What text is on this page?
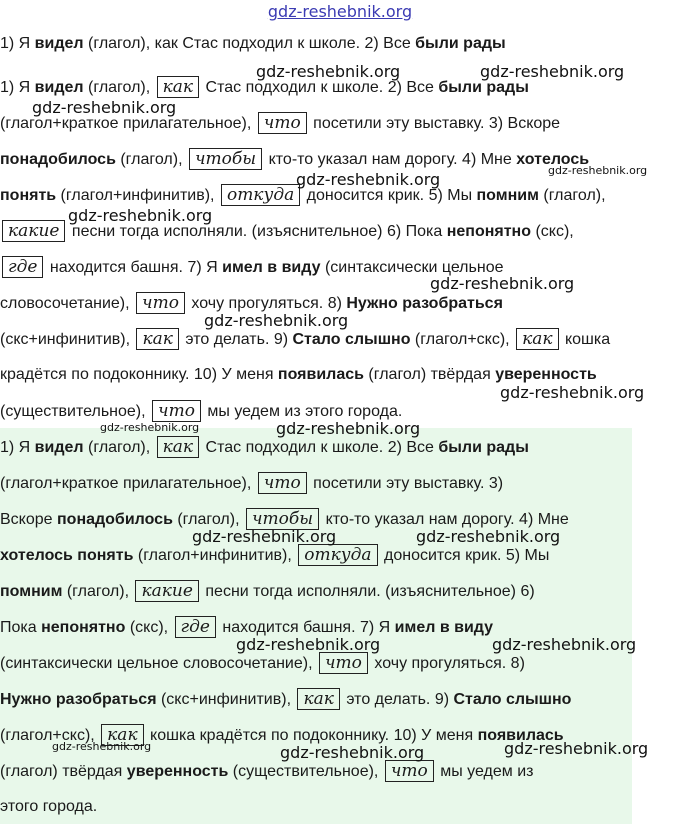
gdz-reshebnik.org
1) Я видел (глагол), как Стас подходил к школе. 2) Все были рады
1) Я видел (глагол), как Стас подходил к школе. 2) Все были рады
(глагол+краткое прилагательное), что посетили эту выставку. 3) Вскоре
понадобилось (глагол), чтобы кто-то указал нам дорогу. 4) Мне хотелось
понять (глагол+инфинитив), откуда доносится крик. 5) Мы помним (глагол),
какие песни тогда исполняли. (изъяснительное) 6) Пока непонятно (скс),
где находится башня. 7) Я имел в виду (синтаксически цельное
словосочетание), что хочу прогуляться. 8) Нужно разобраться
(скс+инфинитив), как это делать. 9) Стало слышно (глагол+скс), как кошка
крадётся по подоконнику. 10) У меня появилась (глагол) твёрдая уверенность
(существительное), что мы уедем из этого города.
1) Я видел (глагол), как Стас подходил к школе. 2) Все были рады
(глагол+краткое прилагательное), что посетили эту выставку. 3)
Вскоре понадобилось (глагол), чтобы кто-то указал нам дорогу. 4) Мне
хотелось понять (глагол+инфинитив), откуда доносится крик. 5) Мы
помним (глагол), какие песни тогда исполняли. (изъяснительное) 6)
Пока непонятно (скс), где находится башня. 7) Я имел в виду
(синтаксически цельное словосочетание), что хочу прогуляться. 8)
Нужно разобраться (скс+инфинитив), как это делать. 9) Стало слышно
(глагол+скс), как кошка крадётся по подоконнику. 10) У меня появилась
(глагол) твёрдая уверенность (существительное), что мы уедем из
этого города.
gdz-reshebnik.org	gdz-reshebnik.org
gdz-reshebnik.org
gdz-reshebnik.org	gdz-reshebnik.org
gdz-reshebnik.org
gdz-reshebnik.org
gdz-reshebnik.org
gdz-reshebnik.org
gdz-reshebnik.org	gdz-reshebnik.org
gdz-reshebnik.org	gdz-reshebnik.org
gdz-reshebnik.org	gdz-reshebnik.org
gdz-reshebnik.org	gdz-reshebnik.org	gdz-reshebnik.org
